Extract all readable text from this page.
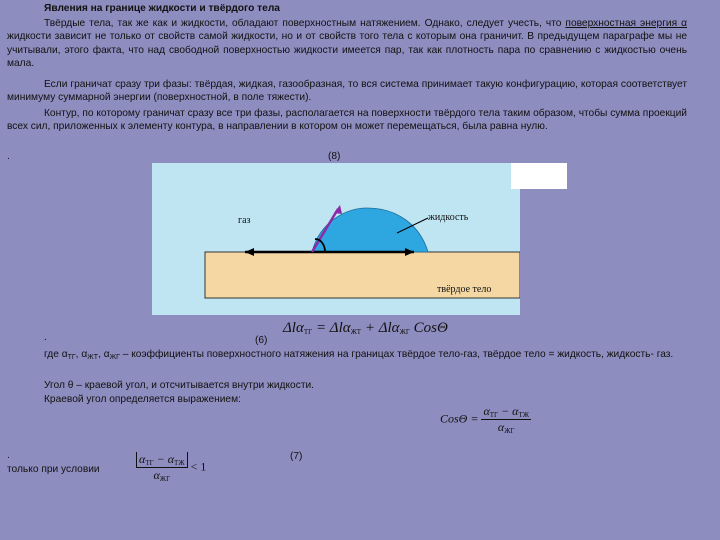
Явления на границе жидкости и твёрдого тела
Твёрдые тела, так же как и жидкости, обладают поверхностным натяжением. Однако, следует учесть, что поверхностная энергия α жидкости зависит не только от свойств самой жидкости, но и от свойств того тела с которым она граничит. В предыдущем параграфе мы не учитывали, этого факта, что над свободной поверхностью жидкости имеется пар, так как плотность пара по сравнению с жидкостью очень мала.
Если граничат сразу три фазы: твёрдая, жидкая, газообразная, то вся система принимает такую конфигурацию, которая соответствует минимуму суммарной энергии (поверхностной, в поле тяжести).
Контур, по которому граничат сразу все три фазы, располагается на поверхности твёрдого тела таким образом, чтобы сумма проекций всех сил, приложенных к элементу контура, в направлении в котором он может перемещаться, была равна нулю.
.	(8)
газ	жидкость
твёрдое тело
.	(6)
Δlα$_{ТГ}$ = Δlα$_{ЖТ}$ + Δlα$_{ЖГ}$ CosΘ
где $\alpha_{ТГ}$, $\alpha_{ЖТ}$, $\alpha_{ЖГ}$ – коэффициенты поверхностного натяжения на границах твёрдое тело-газ, твёрдое тело = жидкость, жидкость- газ.
Угол θ – краевой угол, и отсчитывается внутри жидкости.
Краевой угол определяется выражением:
CosΘ =
$\alpha_{ТГ} - \alpha_{ТЖ}$
$\alpha_{ЖГ}$
.	(7)
только при условии
$\alpha_{ТГ} - \alpha_{ТЖ}$
$\alpha_{ЖГ}$
< 1
